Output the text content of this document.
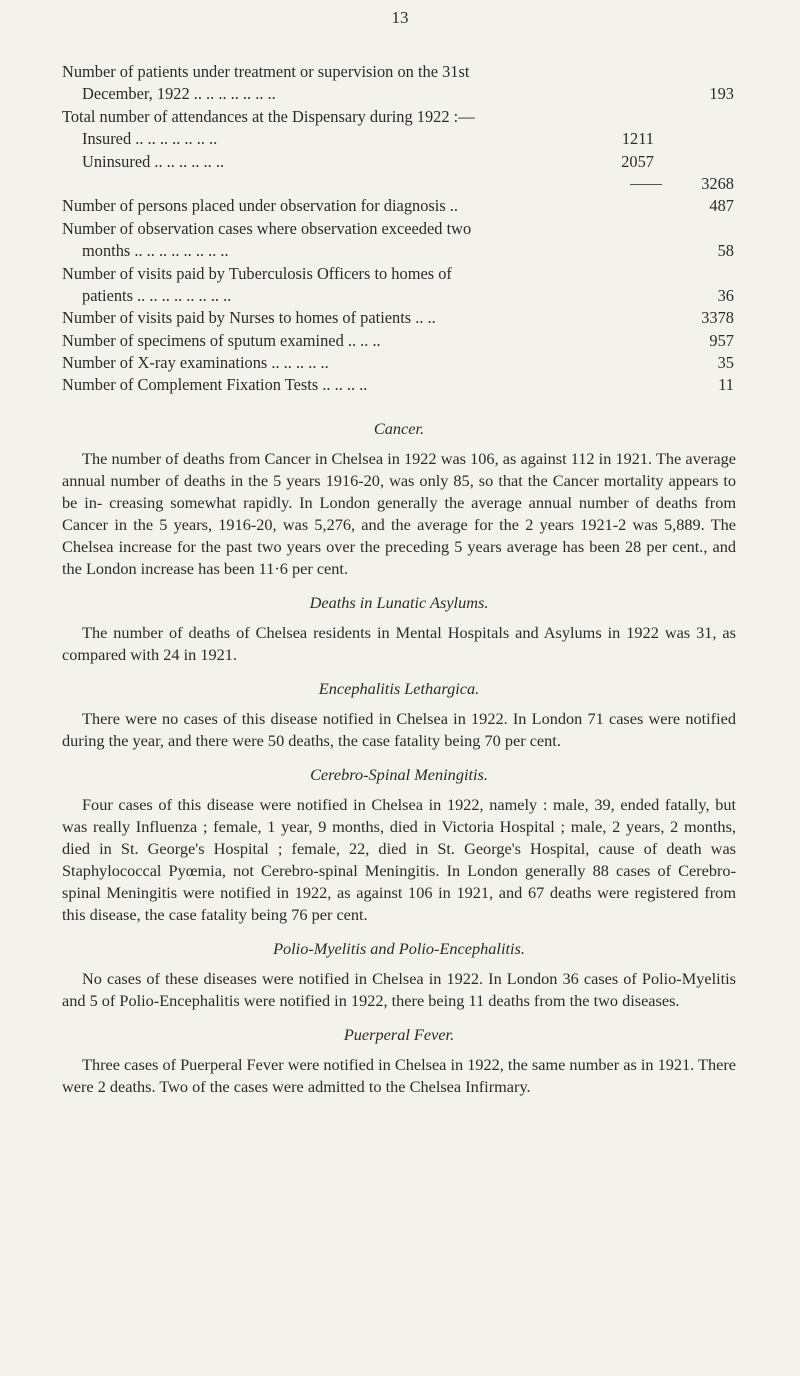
13
Number of patients under treatment or supervision on the 31st
December, 1922 .. .. .. .. .. .. ..	193
Total number of attendances at the Dispensary during 1922 :—
Insured .. .. .. .. .. .. ..	1211
Uninsured .. .. .. .. .. ..	2057
3268
Number of persons placed under observation for diagnosis ..	487
Number of observation cases where observation exceeded two
months .. .. .. .. .. .. .. ..	58
Number of visits paid by Tuberculosis Officers to homes of
patients .. .. .. .. .. .. .. ..	36
Number of visits paid by Nurses to homes of patients .. ..	3378
Number of specimens of sputum examined .. .. ..	957
Number of X-ray examinations .. .. .. .. ..	35
Number of Complement Fixation Tests .. .. .. ..	11

Cancer.

The number of deaths from Cancer in Chelsea in 1922 was 106, as against 112 in 1921. The average annual number of deaths in the 5 years 1916-20, was only 85, so that the Cancer mortality appears to be in- creasing somewhat rapidly. In London generally the average annual number of deaths from Cancer in the 5 years, 1916-20, was 5,276, and the average for the 2 years 1921-2 was 5,889. The Chelsea increase for the past two years over the preceding 5 years average has been 28 per cent., and the London increase has been 11·6 per cent.

Deaths in Lunatic Asylums.

The number of deaths of Chelsea residents in Mental Hospitals and Asylums in 1922 was 31, as compared with 24 in 1921.

Encephalitis Lethargica.

There were no cases of this disease notified in Chelsea in 1922. In London 71 cases were notified during the year, and there were 50 deaths, the case fatality being 70 per cent.

Cerebro-Spinal Meningitis.

Four cases of this disease were notified in Chelsea in 1922, namely : male, 39, ended fatally, but was really Influenza ; female, 1 year, 9 months, died in Victoria Hospital ; male, 2 years, 2 months, died in St. George's Hospital ; female, 22, died in St. George's Hospital, cause of death was Staphylococcal Pyœmia, not Cerebro-spinal Meningitis. In London generally 88 cases of Cerebro-spinal Meningitis were notified in 1922, as against 106 in 1921, and 67 deaths were registered from this disease, the case fatality being 76 per cent.

Polio-Myelitis and Polio-Encephalitis.

No cases of these diseases were notified in Chelsea in 1922. In London 36 cases of Polio-Myelitis and 5 of Polio-Encephalitis were notified in 1922, there being 11 deaths from the two diseases.

Puerperal Fever.

Three cases of Puerperal Fever were notified in Chelsea in 1922, the same number as in 1921. There were 2 deaths. Two of the cases were admitted to the Chelsea Infirmary.
